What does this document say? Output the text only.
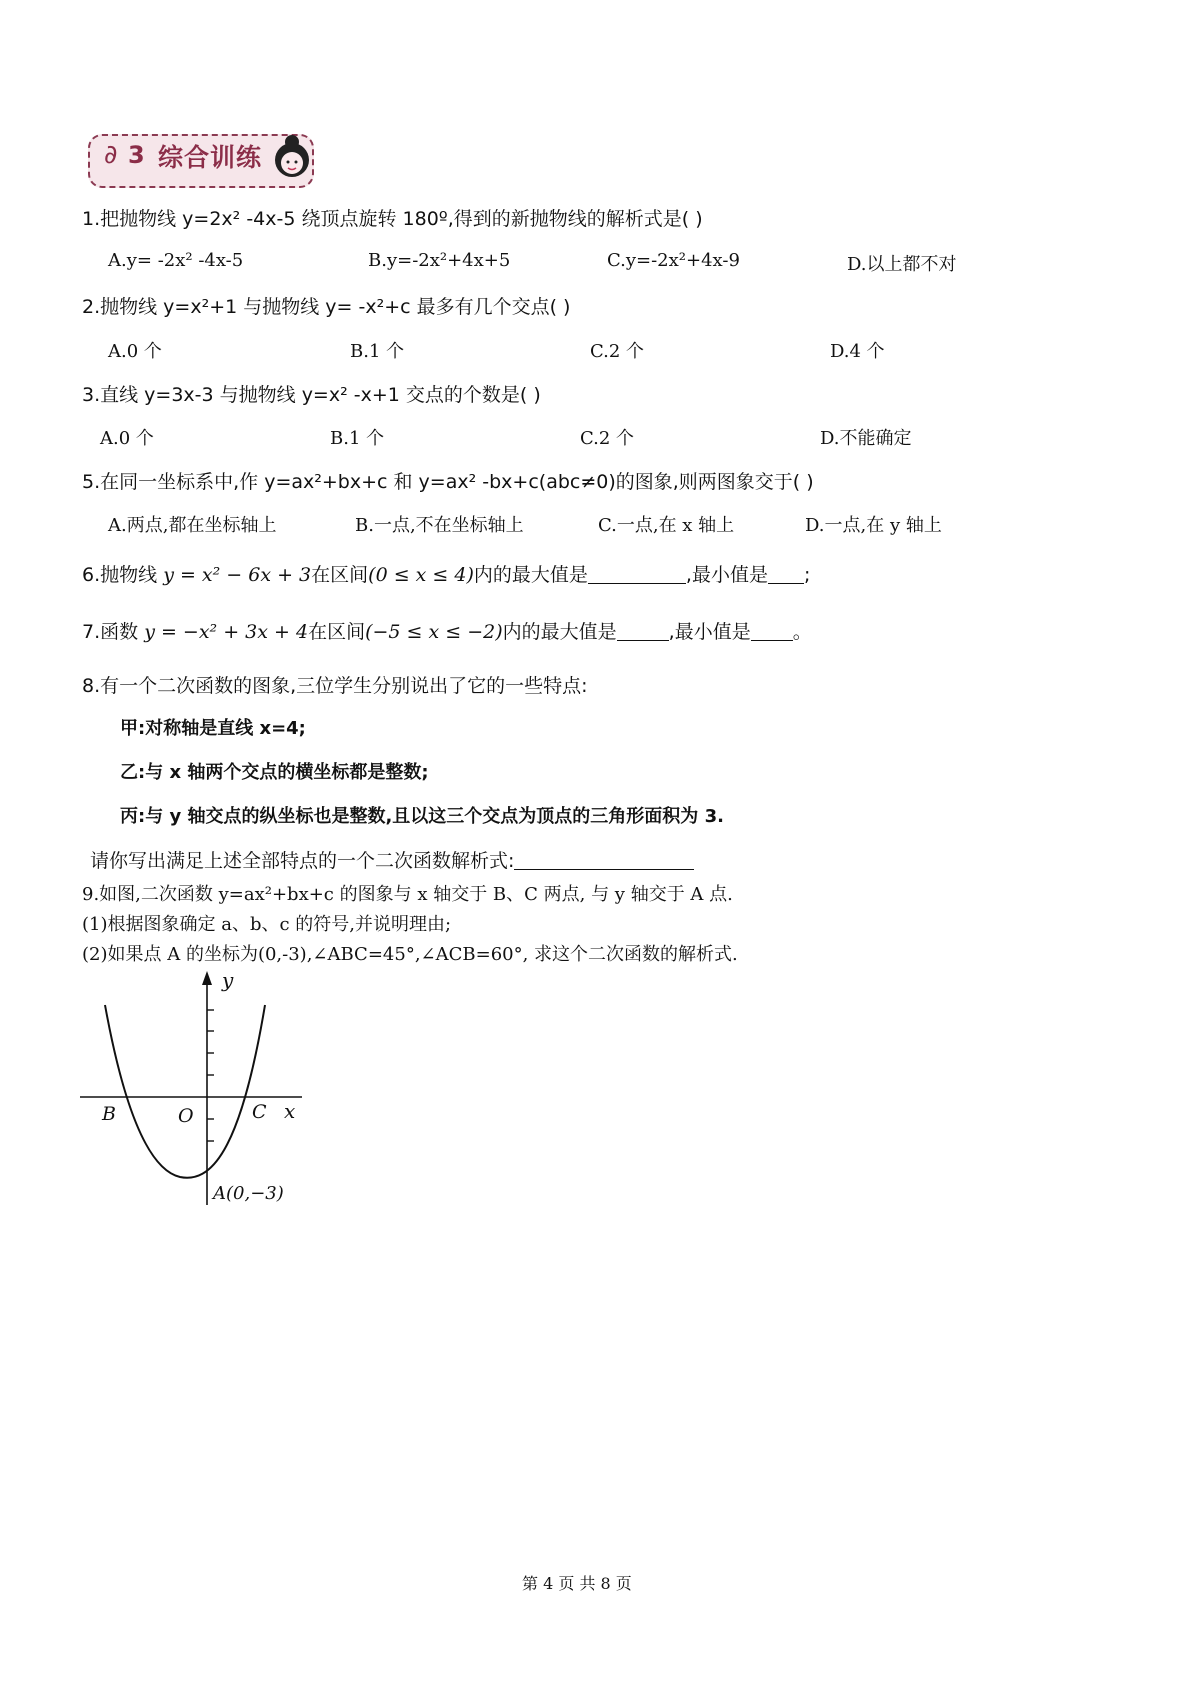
3
∂ 综合训练
1.把抛物线 y=2x² -4x-5 绕顶点旋转 180º,得到的新抛物线的解析式是( )
A.y= -2x² -4x-5	B.y=-2x²+4x+5	C.y=-2x²+4x-9	D.以上都不对
2.抛物线 y=x²+1 与抛物线 y= -x²+c 最多有几个交点( )
A.0 个	B.1 个	C.2 个	D.4 个
3.直线 y=3x-3 与抛物线 y=x² -x+1 交点的个数是( )
A.0 个	B.1 个	C.2 个	D.不能确定
5.在同一坐标系中,作 y=ax²+bx+c 和 y=ax² -bx+c(abc≠0)的图象,则两图象交于( )
A.两点,都在坐标轴上	B.一点,不在坐标轴上	C.一点,在 x 轴上	D.一点,在 y 轴上
6.抛物线 y = x² − 6x + 3在区间(0 ≤ x ≤ 4)内的最大值是	,最小值是 ;
7.函数 y = −x² + 3x + 4在区间(−5 ≤ x ≤ −2)内的最大值是	,最小值是 。
8.有一个二次函数的图象,三位学生分别说出了它的一些特点:
甲:对称轴是直线 x=4;
乙:与 x 轴两个交点的横坐标都是整数;
丙:与 y 轴交点的纵坐标也是整数,且以这三个交点为顶点的三角形面积为 3.
请你写出满足上述全部特点的一个二次函数解析式:
9.如图,二次函数 y=ax²+bx+c 的图象与 x 轴交于 B、C 两点, 与 y 轴交于 A 点.
(1)根据图象确定 a、b、c 的符号,并说明理由;
(2)如果点 A 的坐标为(0,-3),∠ABC=45°,∠ACB=60°, 求这个二次函数的解析式.
y
x
B	O	C
A(0,−3)
第 4 页 共 8 页
